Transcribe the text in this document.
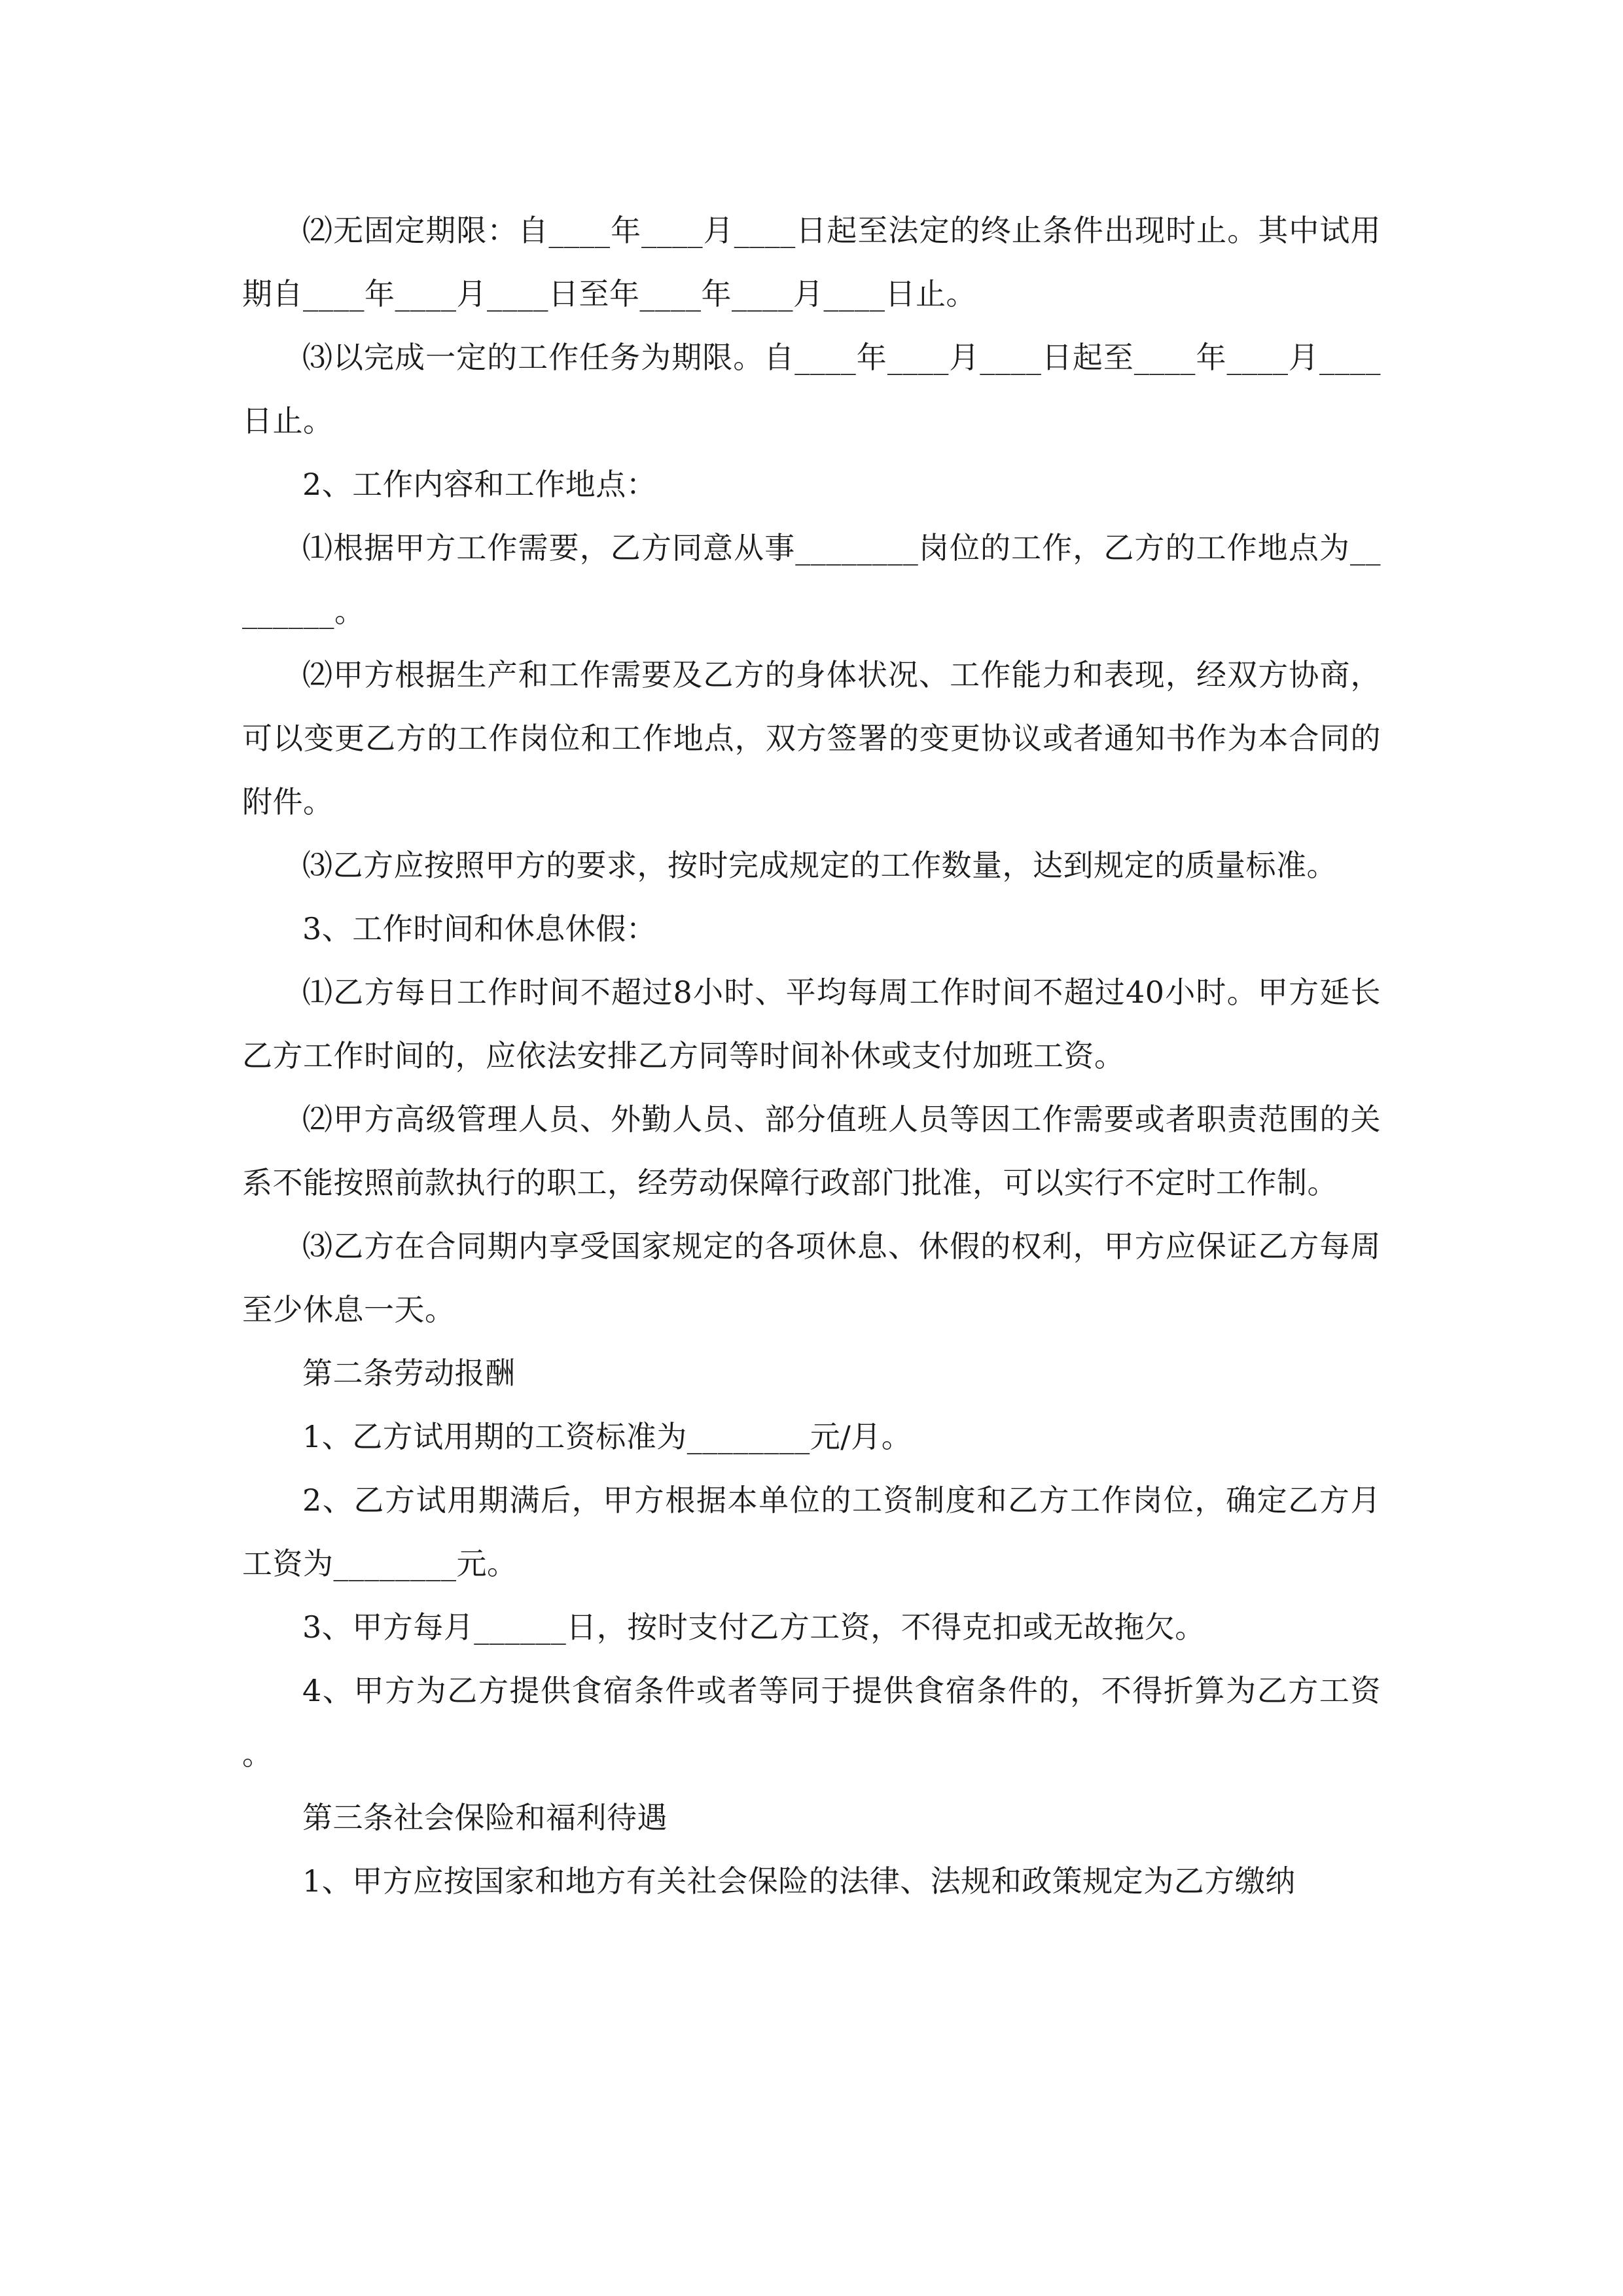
⑵无固定期限：自____年____月____日起至法定的终止条件出现时止。其中试用期自____年____月____日至年____年____月____日止。

⑶以完成一定的工作任务为期限。自____年____月____日起至____年____月____日止。

2、工作内容和工作地点：

⑴根据甲方工作需要，乙方同意从事________岗位的工作，乙方的工作地点为________。

⑵甲方根据生产和工作需要及乙方的身体状况、工作能力和表现，经双方协商，可以变更乙方的工作岗位和工作地点，双方签署的变更协议或者通知书作为本合同的附件。

⑶乙方应按照甲方的要求，按时完成规定的工作数量，达到规定的质量标准。

3、工作时间和休息休假：

⑴乙方每日工作时间不超过8小时、平均每周工作时间不超过40小时。甲方延长乙方工作时间的，应依法安排乙方同等时间补休或支付加班工资。

⑵甲方高级管理人员、外勤人员、部分值班人员等因工作需要或者职责范围的关系不能按照前款执行的职工，经劳动保障行政部门批准，可以实行不定时工作制。

⑶乙方在合同期内享受国家规定的各项休息、休假的权利，甲方应保证乙方每周至少休息一天。

第二条劳动报酬

1、乙方试用期的工资标准为________元/月。

2、乙方试用期满后，甲方根据本单位的工资制度和乙方工作岗位，确定乙方月工资为________元。

3、甲方每月______日，按时支付乙方工资，不得克扣或无故拖欠。

4、甲方为乙方提供食宿条件或者等同于提供食宿条件的，不得折算为乙方工资。

第三条社会保险和福利待遇

1、甲方应按国家和地方有关社会保险的法律、法规和政策规定为乙方缴纳
